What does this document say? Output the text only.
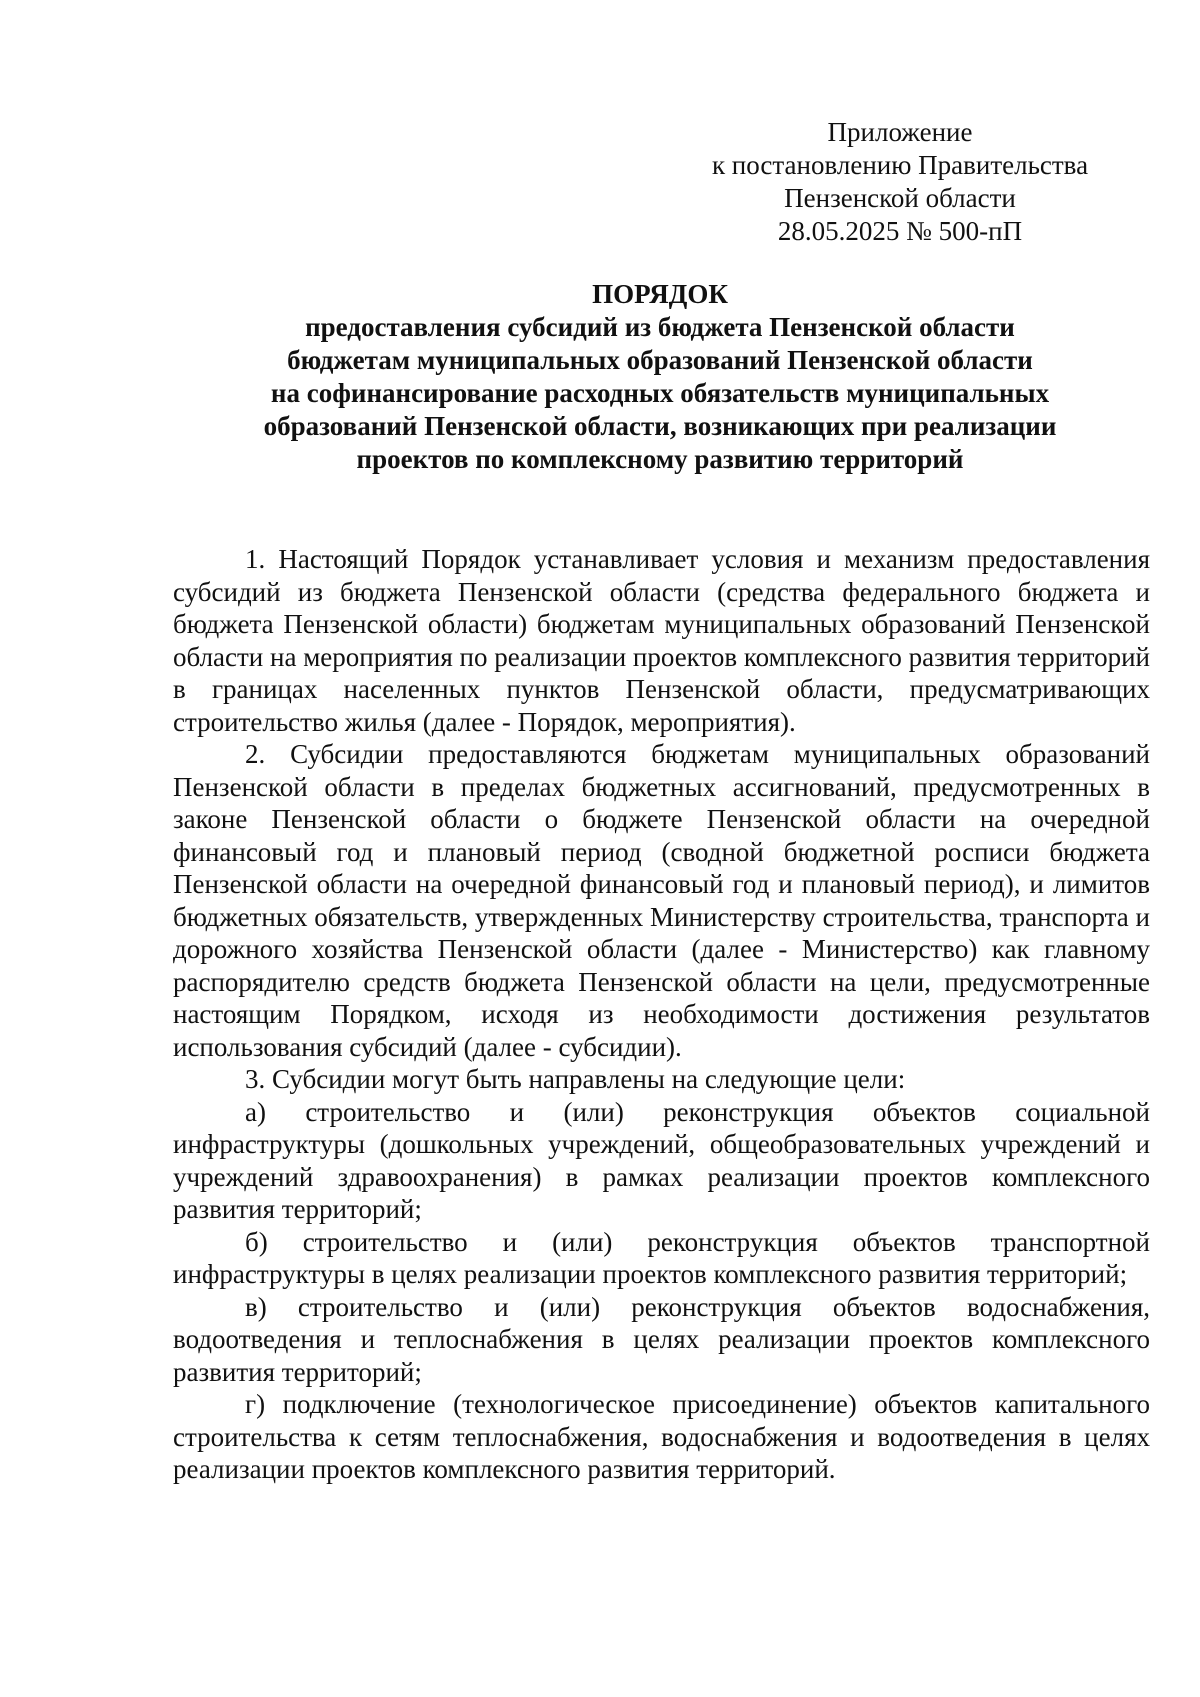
Приложение
к постановлению Правительства
Пензенской области
28.05.2025 № 500-пП
ПОРЯДОК
предоставления субсидий из бюджета Пензенской области
бюджетам муниципальных образований Пензенской области
на софинансирование расходных обязательств муниципальных
образований Пензенской области, возникающих при реализации
проектов по комплексному развитию территорий

1. Настоящий Порядок устанавливает условия и механизм предоставления субсидий из бюджета Пензенской области (средства федерального бюджета и бюджета Пензенской области) бюджетам муниципальных образований Пензенской области на мероприятия по реализации проектов комплексного развития территорий в границах населенных пунктов Пензенской области, предусматривающих строительство жилья (далее - Порядок, мероприятия).

2. Субсидии предоставляются бюджетам муниципальных образований Пензенской области в пределах бюджетных ассигнований, предусмотренных в законе Пензенской области о бюджете Пензенской области на очередной финансовый год и плановый период (сводной бюджетной росписи бюджета Пензенской области на очередной финансовый год и плановый период), и лимитов бюджетных обязательств, утвержденных Министерству строительства, транспорта и дорожного хозяйства Пензенской области (далее - Министерство) как главному распорядителю средств бюджета Пензенской области на цели, предусмотренные настоящим Порядком, исходя из необходимости достижения результатов использования субсидий (далее - субсидии).

3. Субсидии могут быть направлены на следующие цели:

а) строительство и (или) реконструкция объектов социальной инфраструктуры (дошкольных учреждений, общеобразовательных учреждений и учреждений здравоохранения) в рамках реализации проектов комплексного развития территорий;

б) строительство и (или) реконструкция объектов транспортной инфраструктуры в целях реализации проектов комплексного развития территорий;

в) строительство и (или) реконструкция объектов водоснабжения, водоотведения и теплоснабжения в целях реализации проектов комплексного развития территорий;

г) подключение (технологическое присоединение) объектов капитального строительства к сетям теплоснабжения, водоснабжения и водоотведения в целях реализации проектов комплексного развития территорий.
